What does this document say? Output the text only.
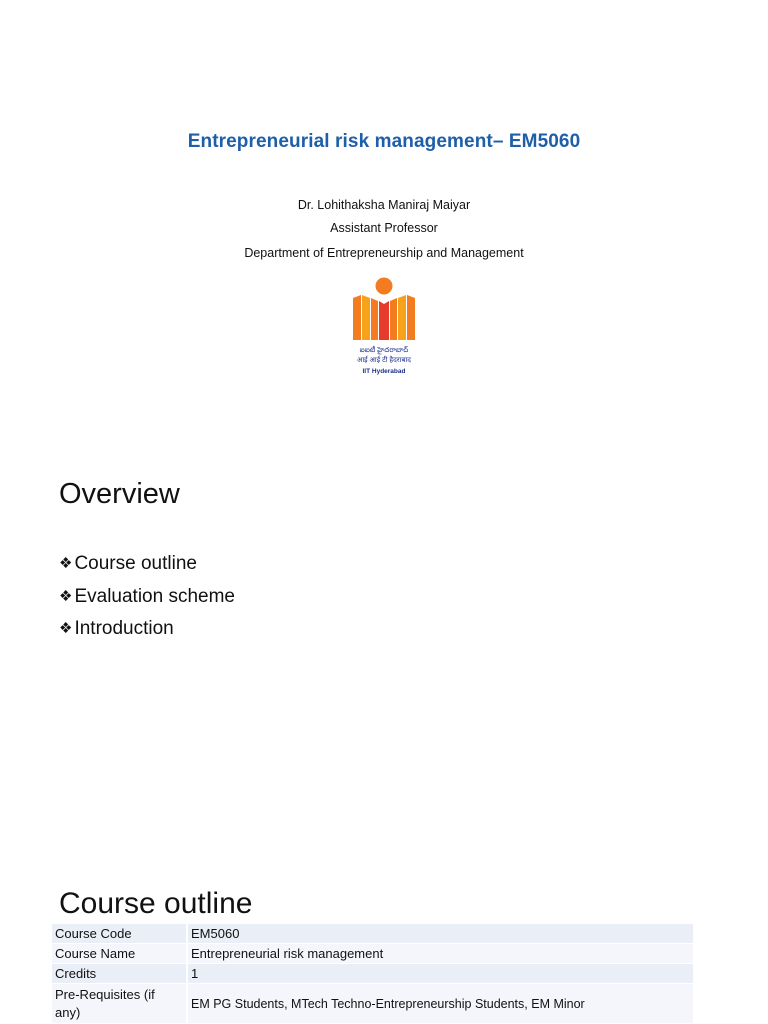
Entrepreneurial risk management– EM5060
Dr. Lohithaksha Maniraj Maiyar
Assistant Professor
Department of Entrepreneurship and Management
ఐఐటీ హైదరాబాద్
आई आई टी हैदराबाद
IIT Hyderabad
Overview
❖ Course outline
❖ Evaluation scheme
❖ Introduction
Course outline
Course Code	EM5060
Course Name	Entrepreneurial risk management
Credits	1
Pre-Requisites (if any)	EM PG Students, MTech Techno-Entrepreneurship Students, EM Minor
